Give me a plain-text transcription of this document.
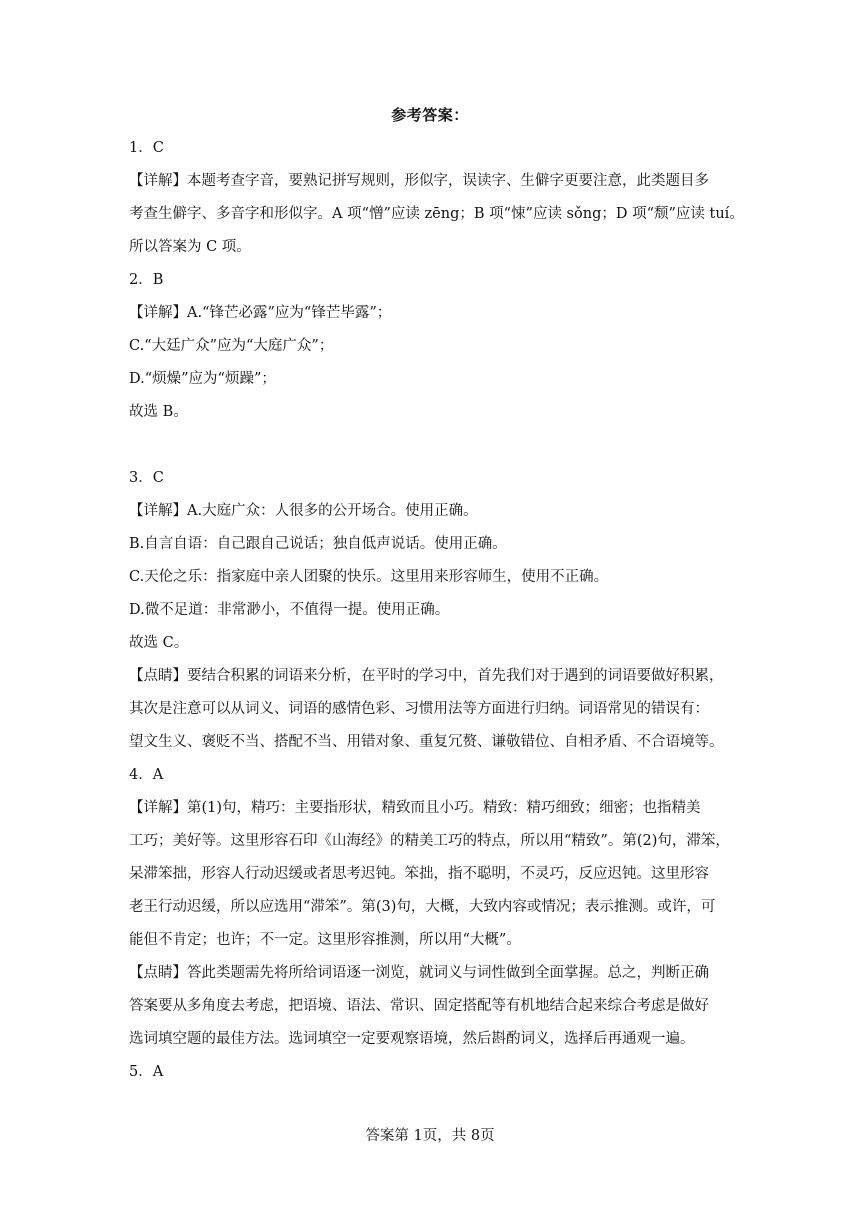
参考答案：

1．C

【详解】本题考查字音，要熟记拼写规则，形似字，误读字、生僻字更要注意，此类题目多

考查生僻字、多音字和形似字。A 项“憎”应读 zēng；B 项“悚”应读 sǒng；D 项“颓”应读 tuí。

所以答案为 C 项。

2．B

【详解】A.“锋芒必露”应为“锋芒毕露”；

C.“大廷广众”应为“大庭广众”；

D.“烦燥”应为“烦躁”；

故选 B。

3．C

【详解】A.大庭广众：人很多的公开场合。使用正确。

B.自言自语：自己跟自己说话；独自低声说话。使用正确。

C.天伦之乐：指家庭中亲人团聚的快乐。这里用来形容师生，使用不正确。

D.微不足道：非常渺小，不值得一提。使用正确。

故选 C。

【点睛】要结合积累的词语来分析，在平时的学习中，首先我们对于遇到的词语要做好积累，

其次是注意可以从词义、词语的感情色彩、习惯用法等方面进行归纳。词语常见的错误有：

望文生义、褒贬不当、搭配不当、用错对象、重复冗赘、谦敬错位、自相矛盾、不合语境等。

4．A

【详解】第(1)句，精巧：主要指形状，精致而且小巧。精致：精巧细致；细密；也指精美

工巧；美好等。这里形容石印《山海经》的精美工巧的特点，所以用“精致”。第(2)句，滞笨，

呆滞笨拙，形容人行动迟缓或者思考迟钝。笨拙，指不聪明，不灵巧，反应迟钝。这里形容

老王行动迟缓，所以应选用“滞笨”。第(3)句，大概，大致内容或情况；表示推测。或许，可

能但不肯定；也许；不一定。这里形容推测，所以用“大概”。

【点睛】答此类题需先将所给词语逐一浏览，就词义与词性做到全面掌握。总之，判断正确

答案要从多角度去考虑，把语境、语法、常识、固定搭配等有机地结合起来综合考虑是做好

选词填空题的最佳方法。选词填空一定要观察语境，然后斟酌词义，选择后再通观一遍。

5．A

答案第 1页，共 8页
